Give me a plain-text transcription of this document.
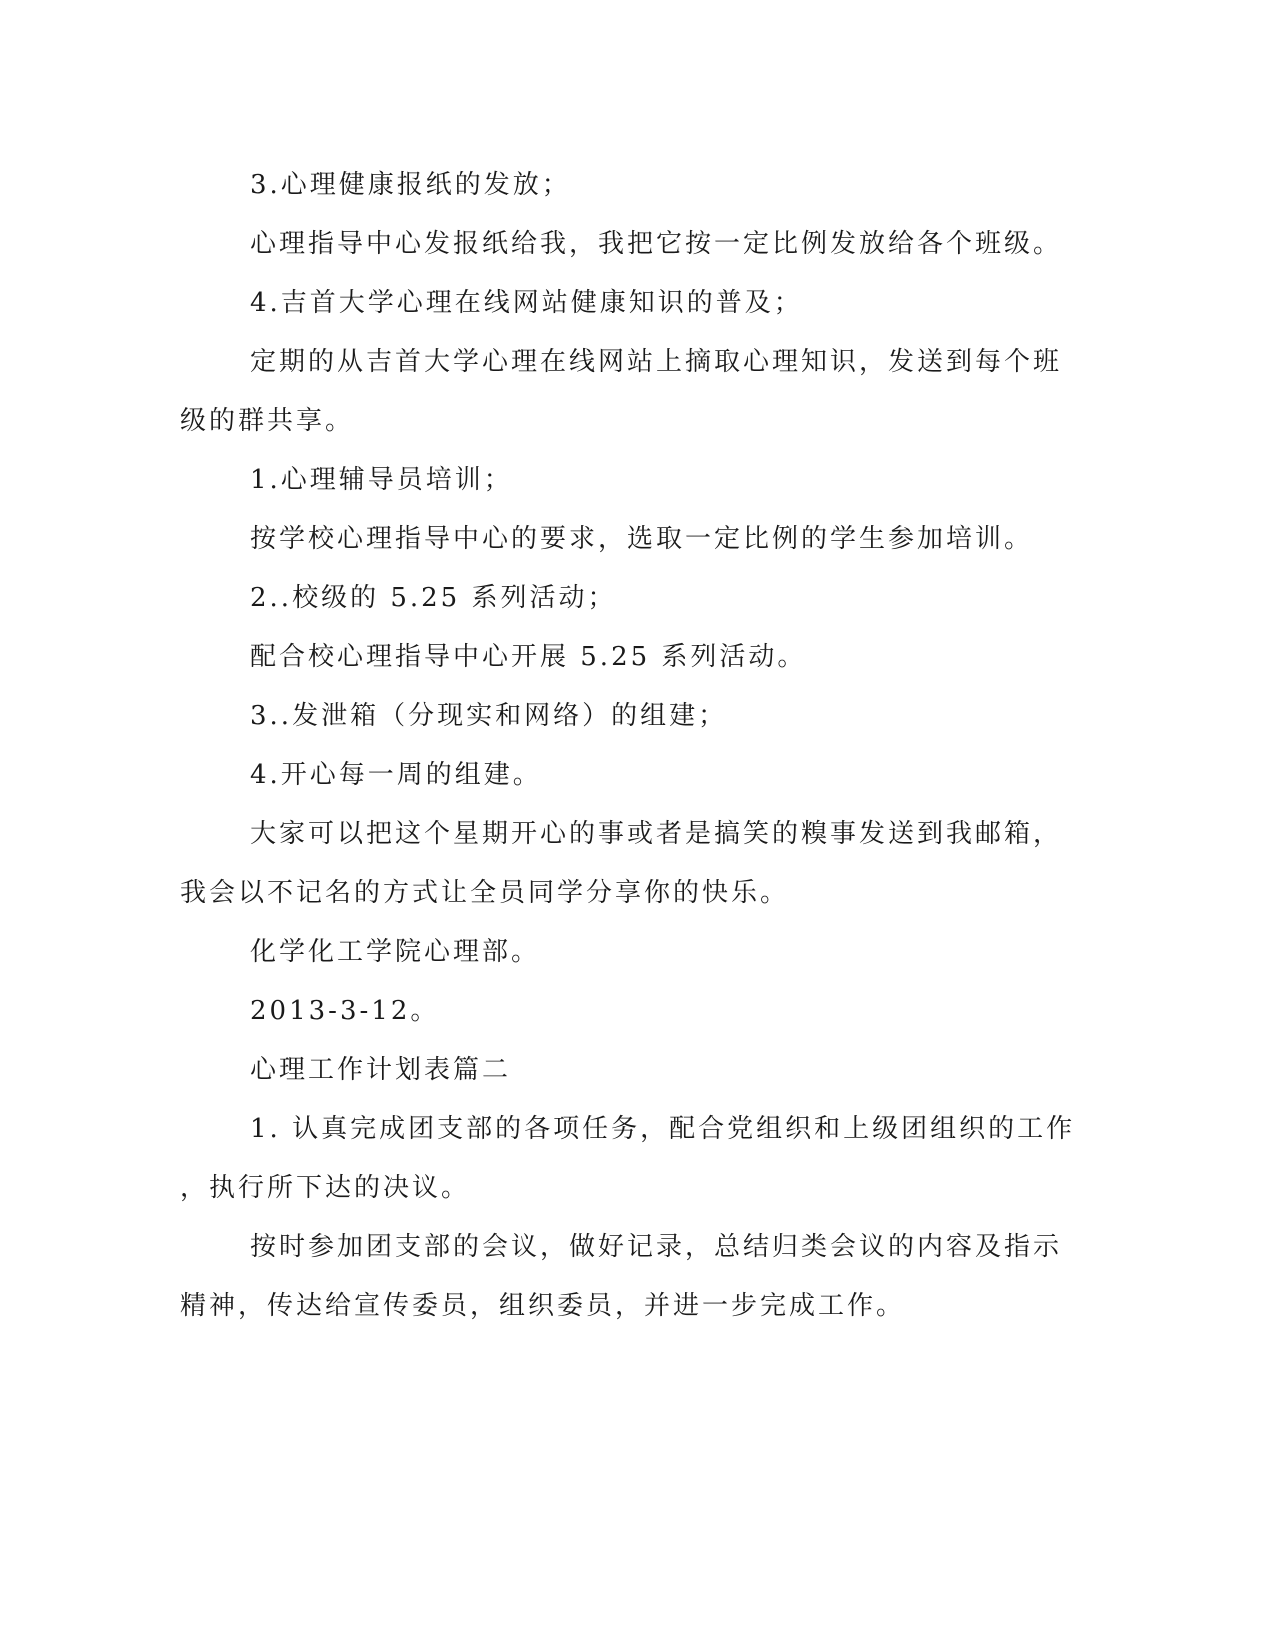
3.心理健康报纸的发放；

心理指导中心发报纸给我，我把它按一定比例发放给各个班级。

4.吉首大学心理在线网站健康知识的普及；

定期的从吉首大学心理在线网站上摘取心理知识，发送到每个班
级的群共享。

1.心理辅导员培训；

按学校心理指导中心的要求，选取一定比例的学生参加培训。

2..校级的 5.25 系列活动；

配合校心理指导中心开展 5.25 系列活动。

3..发泄箱（分现实和网络）的组建；

4.开心每一周的组建。

大家可以把这个星期开心的事或者是搞笑的糗事发送到我邮箱，
我会以不记名的方式让全员同学分享你的快乐。

化学化工学院心理部。

2013-3-12。

心理工作计划表篇二

1. 认真完成团支部的各项任务，配合党组织和上级团组织的工作
，执行所下达的决议。

按时参加团支部的会议，做好记录，总结归类会议的内容及指示
精神，传达给宣传委员，组织委员，并进一步完成工作。
